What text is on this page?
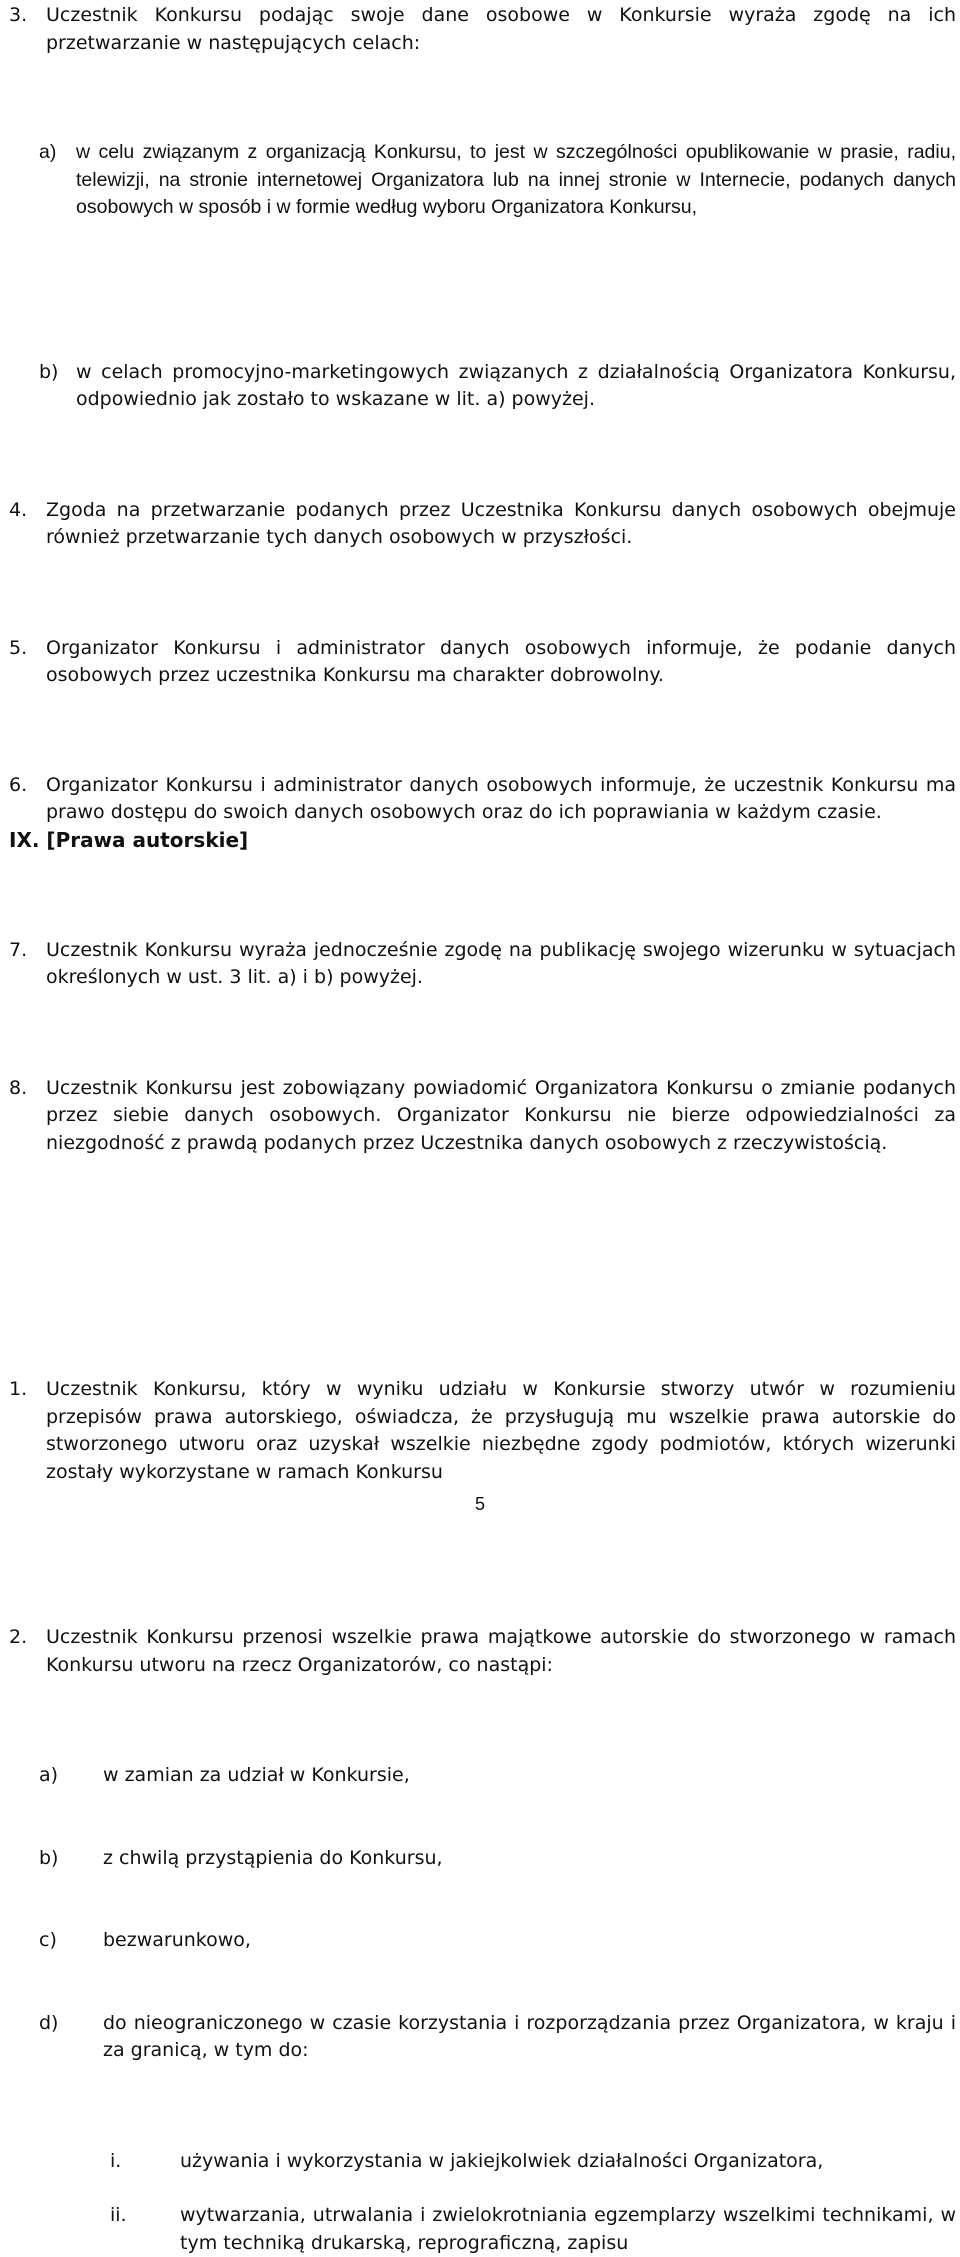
3. Uczestnik Konkursu podając swoje dane osobowe w Konkursie wyraża zgodę na ich przetwarzanie w następujących celach:
a) w celu związanym z organizacją Konkursu, to jest w szczególności opublikowanie w prasie, radiu, telewizji, na stronie internetowej Organizatora lub na innej stronie w Internecie, podanych danych osobowych w sposób i w formie według wyboru Organizatora Konkursu,
b) w celach promocyjno-marketingowych związanych z działalnością Organizatora Konkursu, odpowiednio jak zostało to wskazane w lit. a) powyżej.
4. Zgoda na przetwarzanie podanych przez Uczestnika Konkursu danych osobowych obejmuje również przetwarzanie tych danych osobowych w przyszłości.
5. Organizator Konkursu i administrator danych osobowych informuje, że podanie danych osobowych przez uczestnika Konkursu ma charakter dobrowolny.
6. Organizator Konkursu i administrator danych osobowych informuje, że uczestnik Konkursu ma prawo dostępu do swoich danych osobowych oraz do ich poprawiania w każdym czasie.
7. Uczestnik Konkursu wyraża jednocześnie zgodę na publikację swojego wizerunku w sytuacjach określonych w ust. 3 lit. a) i b) powyżej.
8. Uczestnik Konkursu jest zobowiązany powiadomić Organizatora Konkursu o zmianie podanych przez siebie danych osobowych. Organizator Konkursu nie bierze odpowiedzialności za niezgodność z prawdą podanych przez Uczestnika danych osobowych z rzeczywistością.
IX. [Prawa autorskie]
1. Uczestnik Konkursu, który w wyniku udziału w Konkursie stworzy utwór w rozumieniu przepisów prawa autorskiego, oświadcza, że przysługują mu wszelkie prawa autorskie do stworzonego utworu oraz uzyskał wszelkie niezbędne zgody podmiotów, których wizerunki zostały wykorzystane w ramach Konkursu
2. Uczestnik Konkursu przenosi wszelkie prawa majątkowe autorskie do stworzonego w ramach Konkursu utworu na rzecz Organizatorów, co nastąpi:
a) w zamian za udział w Konkursie,
b) z chwilą przystąpienia do Konkursu,
c) bezwarunkowo,
d) do nieograniczonego w czasie korzystania i rozporządzania przez Organizatora, w kraju i za granicą, w tym do:
i.	używania i wykorzystania w jakiejkolwiek działalności Organizatora,
ii.	wytwarzania, utrwalania i zwielokrotniania egzemplarzy wszelkimi technikami, w tym techniką drukarską, reprograficzną, zapisu
5
